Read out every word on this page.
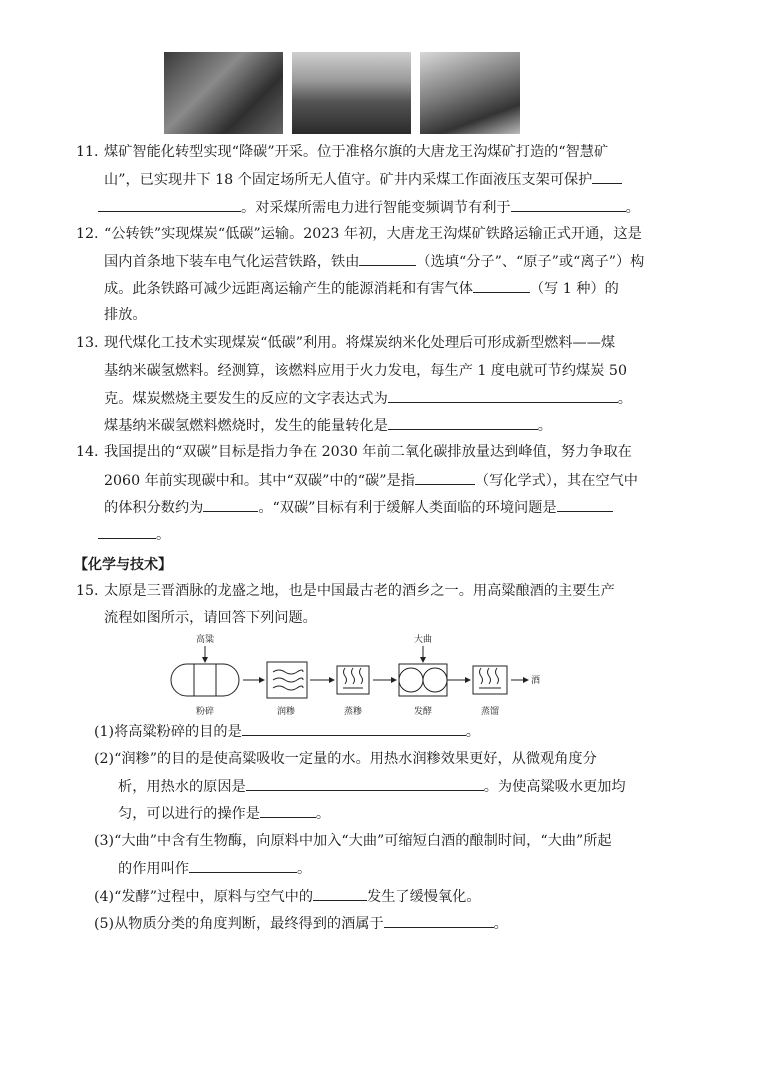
11. 煤矿智能化转型实现“降碳”开采。位于准格尔旗的大唐龙王沟煤矿打造的“智慧矿
山”，已实现井下 18 个固定场所无人值守。矿井内采煤工作面液压支架可保护
。对采煤所需电力进行智能变频调节有利于	。
12. “公转铁”实现煤炭“低碳”运输。2023 年初，大唐龙王沟煤矿铁路运输正式开通，这是
国内首条地下装车电气化运营铁路，铁由	（选填“分子”、“原子”或“离子”）构
成。此条铁路可减少远距离运输产生的能源消耗和有害气体	（写 1 种）的
排放。
13. 现代煤化工技术实现煤炭“低碳”利用。将煤炭纳米化处理后可形成新型燃料——煤
基纳米碳氢燃料。经测算，该燃料应用于火力发电，每生产 1 度电就可节约煤炭 50
克。煤炭燃烧主要发生的反应的文字表达式为	。
煤基纳米碳氢燃料燃烧时，发生的能量转化是	。
14. 我国提出的“双碳”目标是指力争在 2030 年前二氧化碳排放量达到峰值，努力争取在
2060 年前实现碳中和。其中“双碳”中的“碳”是指	（写化学式），其在空气中
的体积分数约为	。“双碳”目标有利于缓解人类面临的环境问题是
。
【化学与技术】
15. 太原是三晋酒脉的龙盛之地，也是中国最古老的酒乡之一。用高粱酿酒的主要生产
流程如图所示，请回答下列问题。
高粱	大曲
粉碎	润糁	蒸糁	发酵	蒸馏
酒
(1)将高粱粉碎的目的是	。
(2)“润糁”的目的是使高粱吸收一定量的水。用热水润糁效果更好，从微观角度分
析，用热水的原因是	。为使高粱吸水更加均
匀，可以进行的操作是	。
(3)“大曲”中含有生物酶，向原料中加入“大曲”可缩短白酒的酿制时间，“大曲”所起
的作用叫作	。
(4)“发酵”过程中，原料与空气中的	发生了缓慢氧化。
(5)从物质分类的角度判断，最终得到的酒属于	。
